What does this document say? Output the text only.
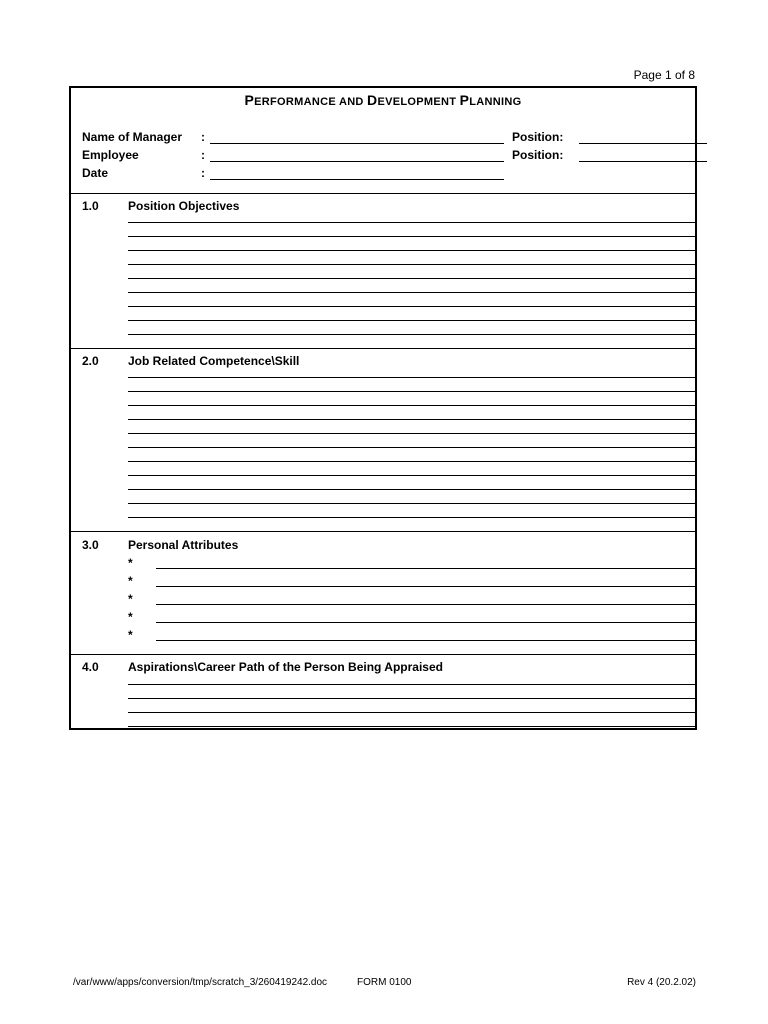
Page 1 of 8
PERFORMANCE AND DEVELOPMENT PLANNING
Name of Manager :	Position:
Employee	:	Position:
Date	:
1.0 Position Objectives
2.0 Job Related Competence\Skill
3.0 Personal Attributes
*
*
*
*
*
4.0 Aspirations\Career Path of the Person Being Appraised
/var/www/apps/conversion/tmp/scratch_3/260419242.doc	FORM 0100	Rev 4 (20.2.02)
